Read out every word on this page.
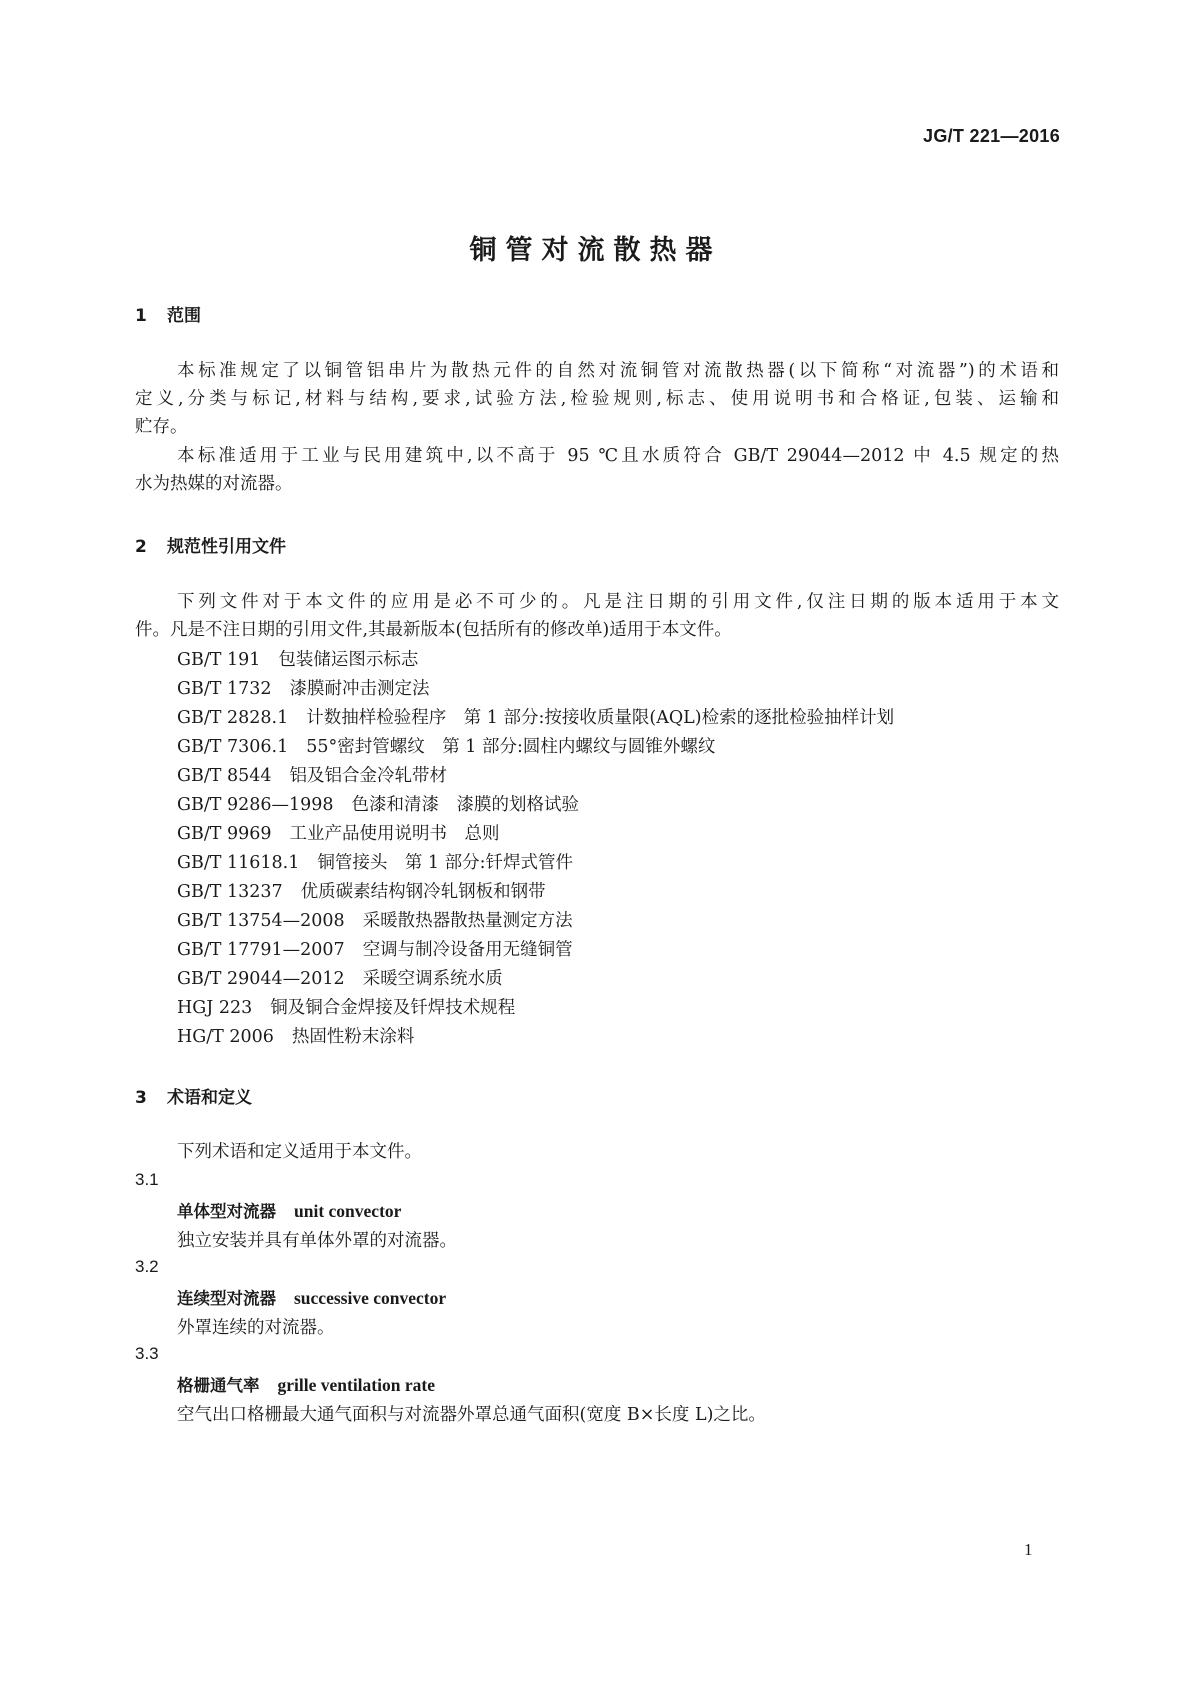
JG/T 221—2016
铜管对流散热器
1 范围
本标准规定了以铜管铝串片为散热元件的自然对流铜管对流散热器(以下简称“对流器”)的术语和
定义,分类与标记,材料与结构,要求,试验方法,检验规则,标志、使用说明书和合格证,包装、运输和
贮存。
本标准适用于工业与民用建筑中,以不高于 95 ℃且水质符合 GB/T 29044—2012 中 4.5 规定的热
水为热媒的对流器。
2 规范性引用文件
下列文件对于本文件的应用是必不可少的。凡是注日期的引用文件,仅注日期的版本适用于本文
件。凡是不注日期的引用文件,其最新版本(包括所有的修改单)适用于本文件。
GB/T 191 包装储运图示标志
GB/T 1732 漆膜耐冲击测定法
GB/T 2828.1 计数抽样检验程序　第 1 部分:按接收质量限(AQL)检索的逐批检验抽样计划
GB/T 7306.1 55°密封管螺纹　第 1 部分:圆柱内螺纹与圆锥外螺纹
GB/T 8544 铝及铝合金冷轧带材
GB/T 9286—1998 色漆和清漆　漆膜的划格试验
GB/T 9969 工业产品使用说明书　总则
GB/T 11618.1 铜管接头　第 1 部分:钎焊式管件
GB/T 13237 优质碳素结构钢冷轧钢板和钢带
GB/T 13754—2008 采暖散热器散热量测定方法
GB/T 17791—2007 空调与制冷设备用无缝铜管
GB/T 29044—2012 采暖空调系统水质
HGJ 223 铜及铜合金焊接及钎焊技术规程
HG/T 2006 热固性粉末涂料
3 术语和定义
下列术语和定义适用于本文件。
3.1
单体型对流器 unit convector
独立安装并具有单体外罩的对流器。
3.2
连续型对流器 successive convector
外罩连续的对流器。
3.3
格栅通气率 grille ventilation rate
空气出口格栅最大通气面积与对流器外罩总通气面积(宽度 B×长度 L)之比。
1
